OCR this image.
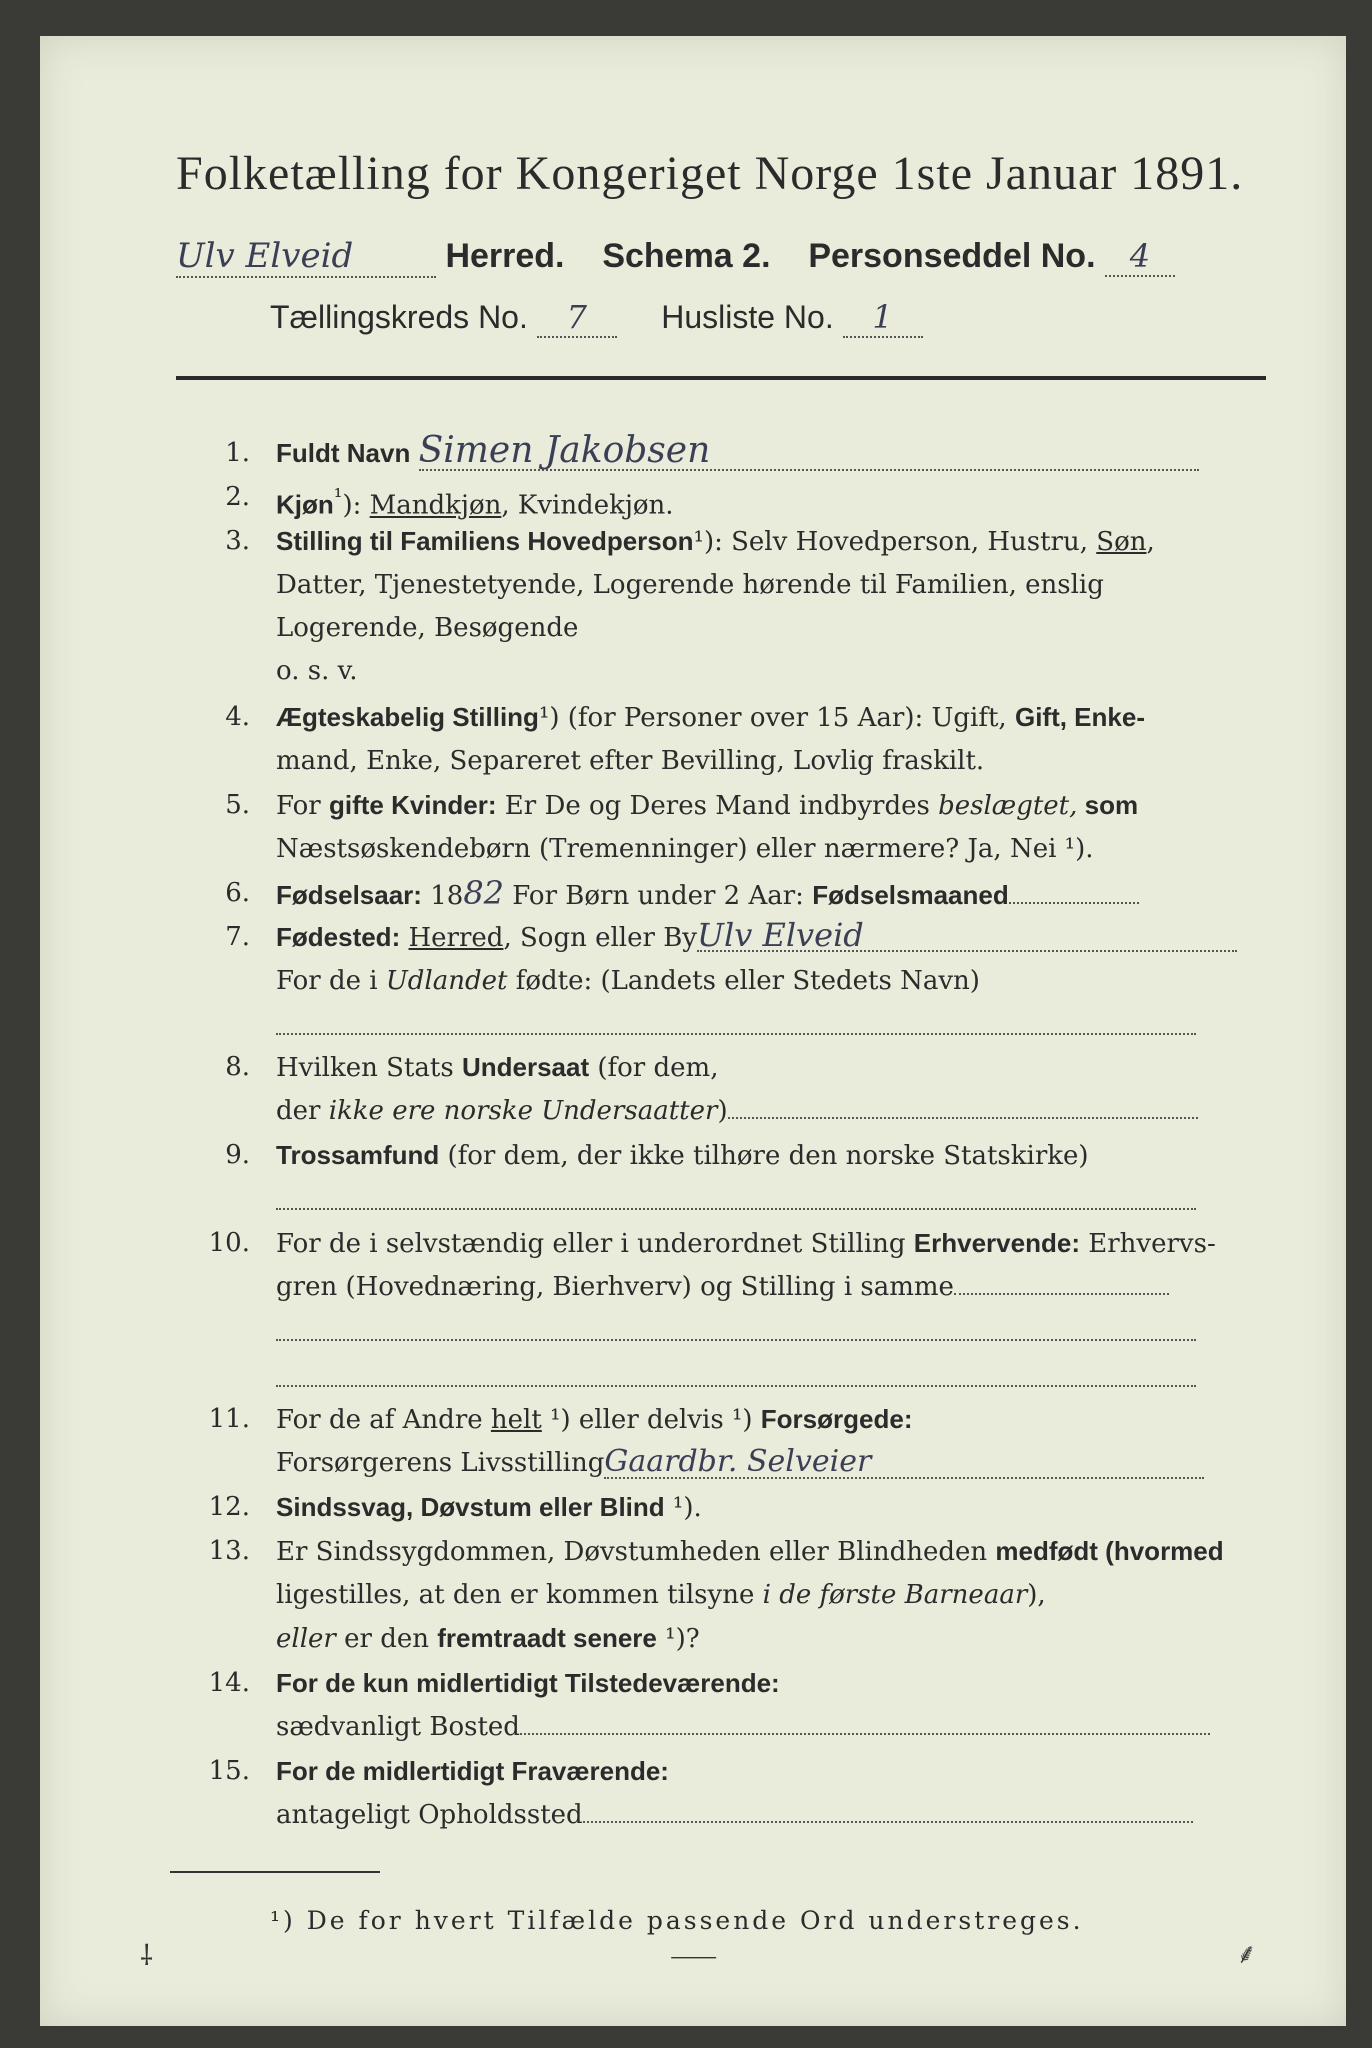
Folketælling for Kongeriget Norge 1ste Januar 1891.
Ulv Elveid	Herred. Schema 2. Personseddel No. 4
Tællingskreds No. 7 Husliste No. 1
1. Fuldt Navn Simen Jakobsen
2. Kjøn$^{^1}$): Mandkjøn, Kvindekjøn.
3. Stilling til Familiens Hovedperson¹): Selv Hovedperson, Hustru, Søn,
Datter, Tjenestetyende, Logerende hørende til Familien, enslig
Logerende, Besøgende
o. s. v.
4. Ægteskabelig Stilling¹) (for Personer over 15 Aar): Ugift, Gift, Enke-
mand, Enke, Separeret efter Bevilling, Lovlig fraskilt.
5. For gifte Kvinder: Er De og Deres Mand indbyrdes beslægtet, som
Næstsøskendebørn (Tremenninger) eller nærmere? Ja, Nei ¹).
6. Fødselsaar: 1882 For Børn under 2 Aar: Fødselsmaaned
7. Fødested: Herred, Sogn eller ByUlv Elveid
For de i Udlandet fødte: (Landets eller Stedets Navn)
8. Hvilken Stats Undersaat (for dem,
der ikke ere norske Undersaatter)
9. Trossamfund (for dem, der ikke tilhøre den norske Statskirke)
10. For de i selvstændig eller i underordnet Stilling Erhvervende: Erhvervs-
gren (Hovednæring, Bierhverv) og Stilling i samme
11. For de af Andre helt ¹) eller delvis ¹) Forsørgede:
Forsørgerens LivsstillingGaardbr. Selveier
12. Sindssvag, Døvstum eller Blind ¹).
13. Er Sindssygdommen, Døvstumheden eller Blindheden medfødt (hvormed
ligestilles, at den er kommen tilsyne i de første Barneaar),
eller er den fremtraadt senere ¹)?
14. For de kun midlertidigt Tilstedeværende:
sædvanligt Bosted
15. For de midlertidigt Fraværende:
antageligt Opholdssted
¹) De for hvert Tilfælde passende Ord understreges.
⸸	⸺	⸙
